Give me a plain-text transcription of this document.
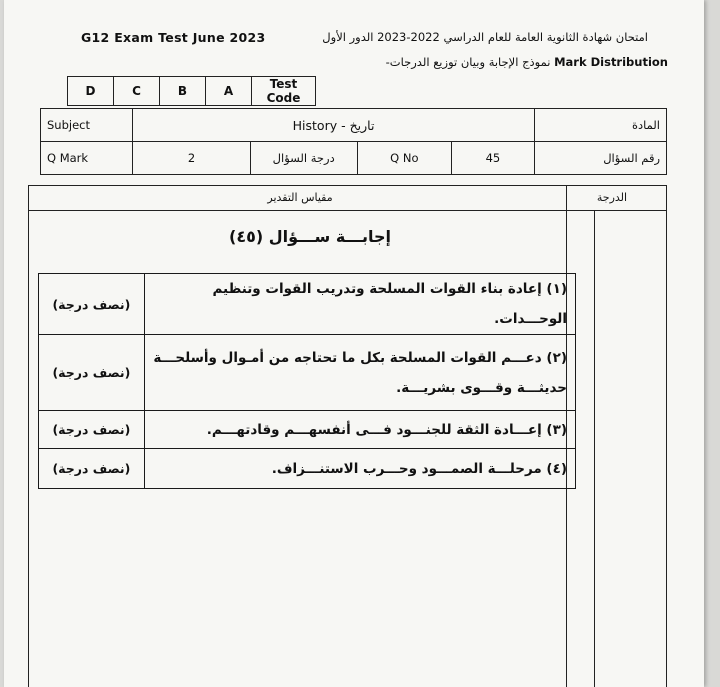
G12 Exam Test June 2023	امتحان شهادة الثانوية العامة للعام الدراسي 2022-2023 الدور الأول
نموذج الإجابة وبيان توزيع الدرجات- Mark Distribution
D	C	B	A	Test Code
Subject	History - تاريخ				المادة
Q Mark	2	درجة السؤال	Q No	45	رقم السؤال
مقياس التقدير	الدرجة
إجابـــة ســـؤال (٤٥)
(نصف درجة)	(١) إعادة بناء القوات المسلحة وتدريب القوات وتنظيم الوحـــدات.
(نصف درجة)	(٢) دعـــم القوات المسلحة بكل ما تحتاجه من أمـوال وأسلحـــة حديثـــة وقـــوى بشريـــة.
(نصف درجة)	(٣) إعـــادة الثقة للجنـــود فـــى أنفسهـــم وقادتهـــم.
(نصف درجة)	(٤) مرحلـــة الصمـــود وحـــرب الاستنـــزاف.
